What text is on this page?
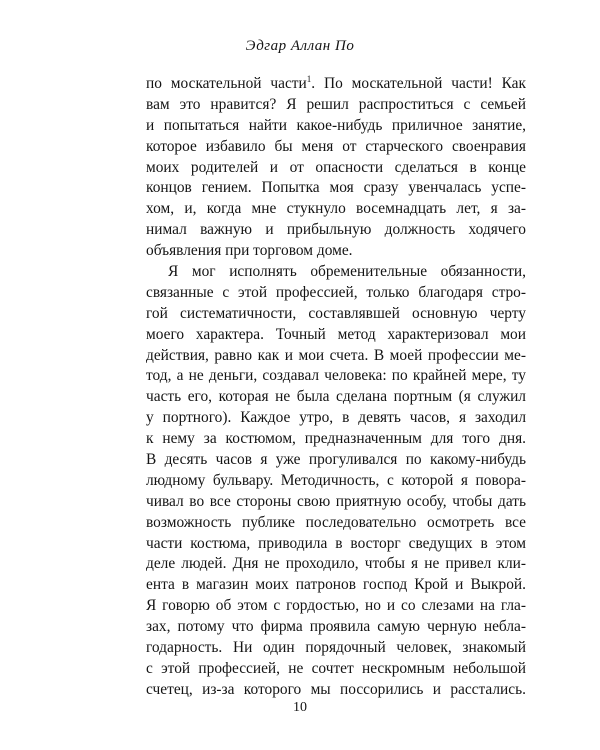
Эдгар Аллан По
по москательной части$^1$. По москательной части! Как
вам это нравится? Я решил распроститься с семьей
и попытаться найти какое-нибудь приличное занятие,
которое избавило бы меня от старческого своенравия
моих родителей и от опасности сделаться в конце
концов гением. Попытка моя сразу увенчалась успе-
хом, и, когда мне стукнуло восемнадцать лет, я за-
нимал важную и прибыльную должность ходячего
объявления при торговом доме.
Я мог исполнять обременительные обязанности,
связанные с этой профессией, только благодаря стро-
гой систематичности, составлявшей основную черту
моего характера. Точный метод характеризовал мои
действия, равно как и мои счета. В моей профессии ме-
тод, а не деньги, создавал человека: по крайней мере, ту
часть его, которая не была сделана портным (я служил
у портного). Каждое утро, в девять часов, я заходил
к нему за костюмом, предназначенным для того дня.
В десять часов я уже прогуливался по какому-нибудь
людному бульвару. Методичность, с которой я повора-
чивал во все стороны свою приятную особу, чтобы дать
возможность публике последовательно осмотреть все
части костюма, приводила в восторг сведущих в этом
деле людей. Дня не проходило, чтобы я не привел кли-
ента в магазин моих патронов господ Крой и Выкрой.
Я говорю об этом с гордостью, но и со слезами на гла-
зах, потому что фирма проявила самую черную небла-
годарность. Ни один порядочный человек, знакомый
с этой профессией, не сочтет нескромным небольшой
счетец, из-за которого мы поссорились и расстались.
10
